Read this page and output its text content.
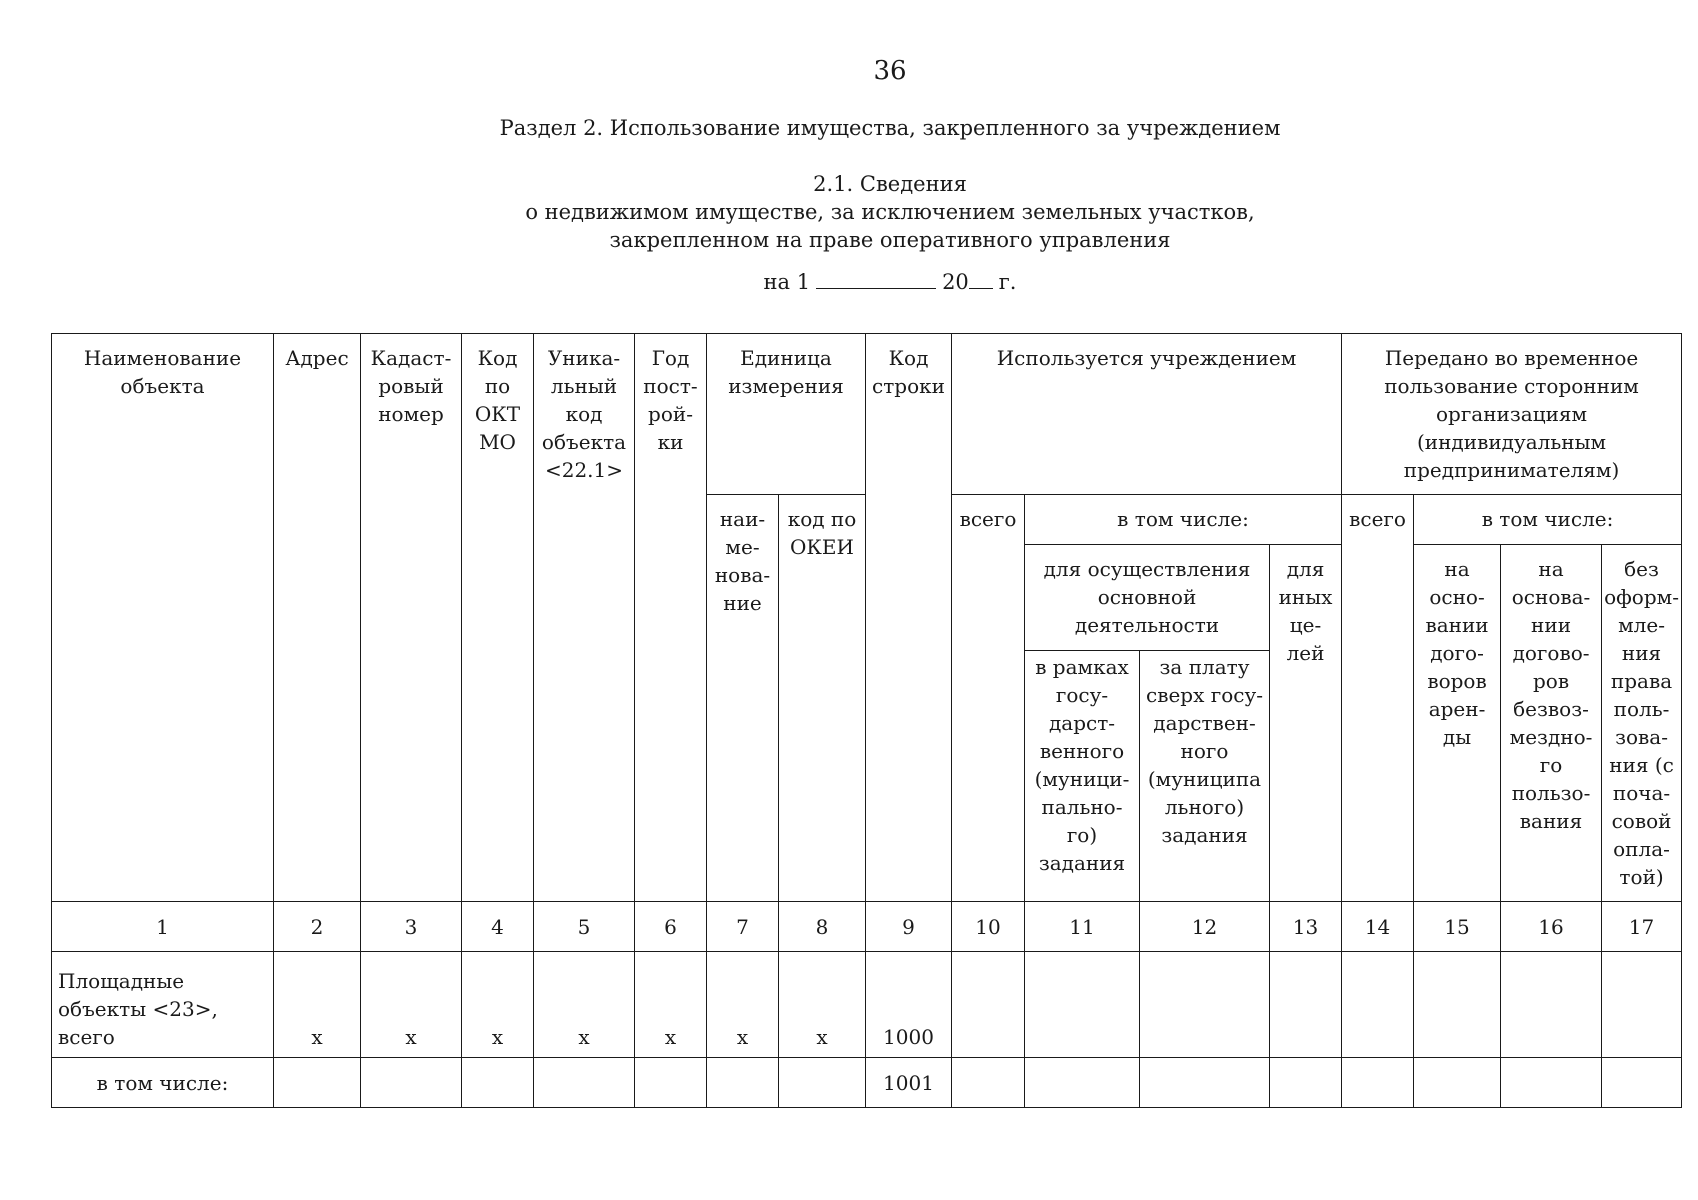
36
Раздел 2. Использование имущества, закрепленного за учреждением
2.1. Сведения
о недвижимом имуществе, за исключением земельных участков,
закрепленном на праве оперативного управления
на 1	20 г.
Наименование объекта	Адрес	Кадаст-ровый номер	Код по ОКТ МО	Уника-льный код объекта <22.1>	Год пост-рой-ки	Единица измерения		Код строки	Используется учреждением				Передано во временное пользование сторонним организациям (индивидуальным предпринимателям)			
						наи-ме-нова-ние	код по ОКЕИ		всего	в том числе:			всего	в том числе:		
										для осуществления основной деятельности		для иных це-лей		на осно-вании дого-воров арен-ды	на основа-нии догово-ров безвоз-мездно-го пользо-вания	без оформ-мле-ния права поль-зова-ния (с поча-совой опла-той)
										в рамках госу-дарст-венного (муници-пально-го) задания	за плату сверх госу-дарствен-ного (муниципа льного) задания					
1	2	3	4	5	6	7	8	9	10	11	12	13	14	15	16	17
Площадные объекты <23>, всего	x	x	x	x	x	x	x	1000								
в том числе:								1001								
